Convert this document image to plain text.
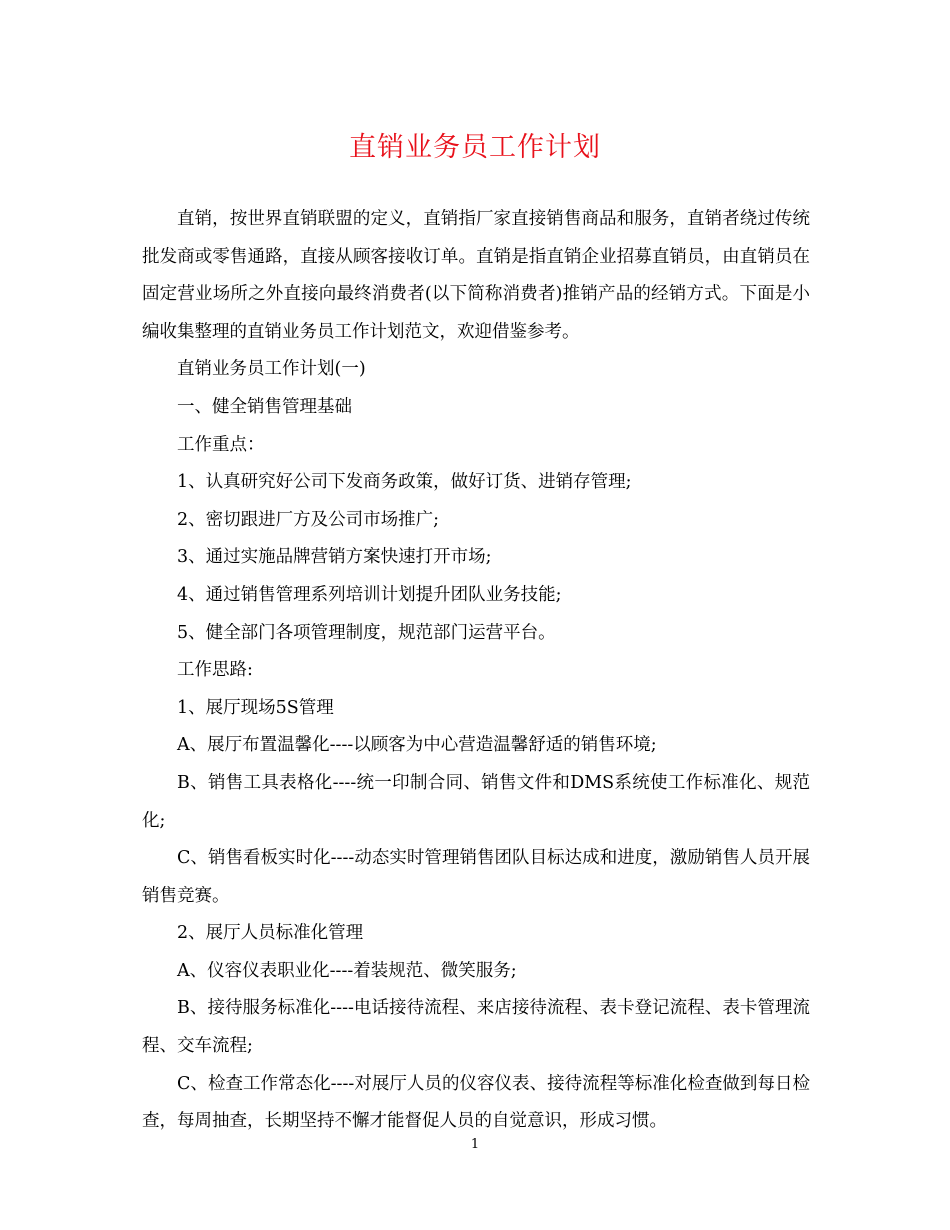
直销业务员工作计划

直销，按世界直销联盟的定义，直销指厂家直接销售商品和服务，直销者绕过传统批发商或零售通路，直接从顾客接收订单。直销是指直销企业招募直销员，由直销员在固定营业场所之外直接向最终消费者(以下简称消费者)推销产品的经销方式。下面是小编收集整理的直销业务员工作计划范文，欢迎借鉴参考。

直销业务员工作计划(一)

一、健全销售管理基础

工作重点：

1、认真研究好公司下发商务政策，做好订货、进销存管理;

2、密切跟进厂方及公司市场推广;

3、通过实施品牌营销方案快速打开市场;

4、通过销售管理系列培训计划提升团队业务技能;

5、健全部门各项管理制度，规范部门运营平台。

工作思路:

1、展厅现场5S管理

A、展厅布置温馨化----以顾客为中心营造温馨舒适的销售环境;

B、销售工具表格化----统一印制合同、销售文件和DMS系统使工作标准化、规范化;

C、销售看板实时化----动态实时管理销售团队目标达成和进度，激励销售人员开展销售竞赛。

2、展厅人员标准化管理

A、仪容仪表职业化----着装规范、微笑服务;

B、接待服务标准化----电话接待流程、来店接待流程、表卡登记流程、表卡管理流程、交车流程;

C、检查工作常态化----对展厅人员的仪容仪表、接待流程等标准化检查做到每日检查，每周抽查，长期坚持不懈才能督促人员的自觉意识，形成习惯。

1
